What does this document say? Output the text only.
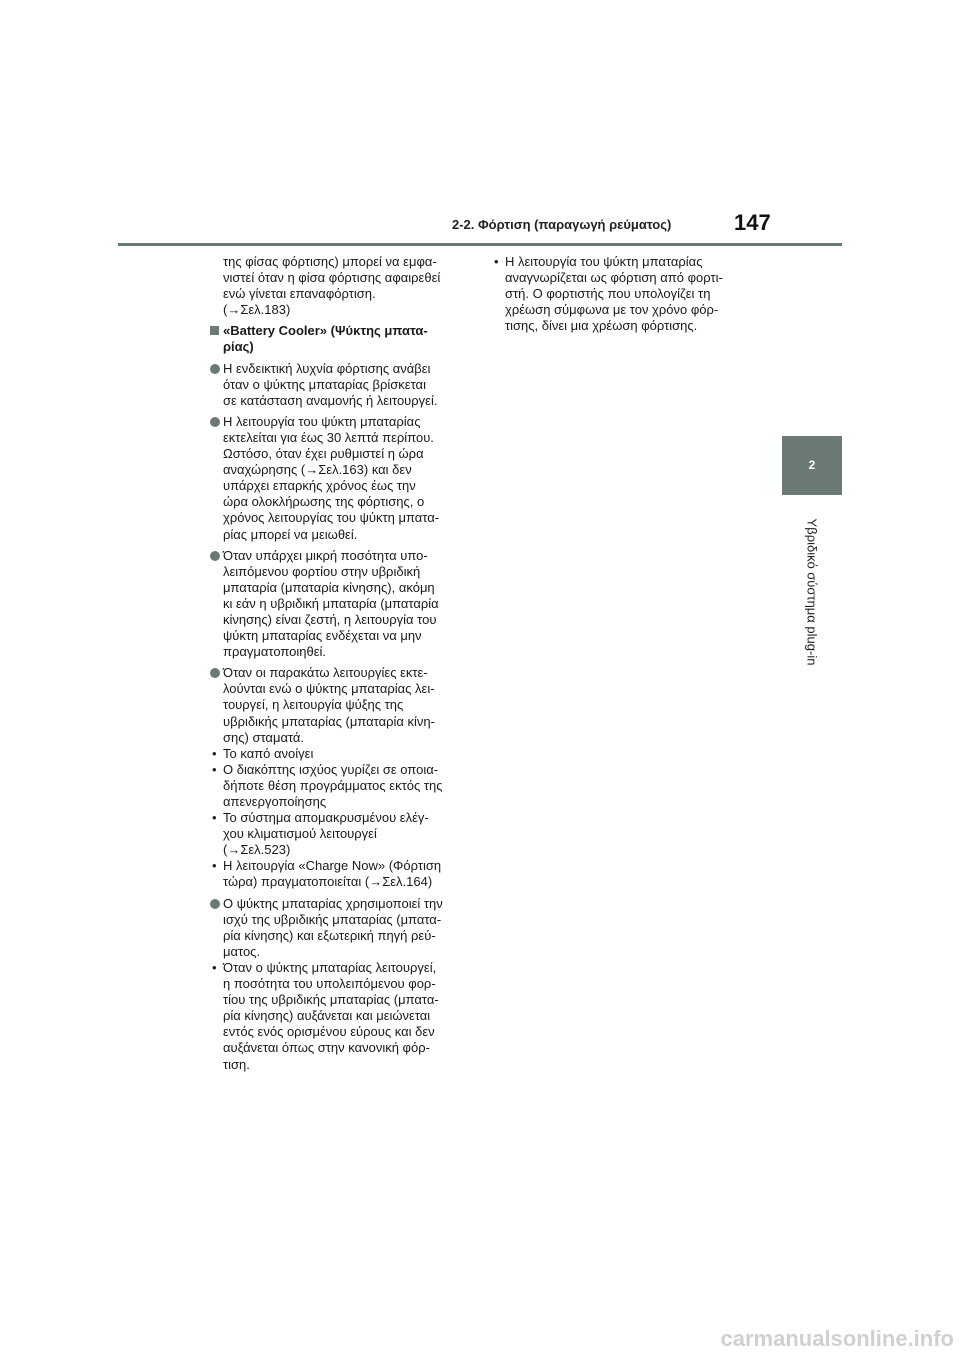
2-2. Φόρτιση (παραγωγή ρεύματος)	147
2
Υβριδικό σύστημα plug-in
της φίσας φόρτισης) μπορεί να εμφα-
νιστεί όταν η φίσα φόρτισης αφαιρεθεί
ενώ γίνεται επαναφόρτιση.
(→Σελ.183)
«Battery Cooler» (Ψύκτης μπατα-
ρίας)
Η ενδεικτική λυχνία φόρτισης ανάβει
όταν ο ψύκτης μπαταρίας βρίσκεται
σε κατάσταση αναμονής ή λειτουργεί.
Η λειτουργία του ψύκτη μπαταρίας
εκτελείται για έως 30 λεπτά περίπου.
Ωστόσο, όταν έχει ρυθμιστεί η ώρα
αναχώρησης (→Σελ.163) και δεν
υπάρχει επαρκής χρόνος έως την
ώρα ολοκλήρωσης της φόρτισης, ο
χρόνος λειτουργίας του ψύκτη μπατα-
ρίας μπορεί να μειωθεί.
Όταν υπάρχει μικρή ποσότητα υπο-
λειπόμενου φορτίου στην υβριδική
μπαταρία (μπαταρία κίνησης), ακόμη
κι εάν η υβριδική μπαταρία (μπαταρία
κίνησης) είναι ζεστή, η λειτουργία του
ψύκτη μπαταρίας ενδέχεται να μην
πραγματοποιηθεί.
Όταν οι παρακάτω λειτουργίες εκτε-
λούνται ενώ ο ψύκτης μπαταρίας λει-
τουργεί, η λειτουργία ψύξης της
υβριδικής μπαταρίας (μπαταρία κίνη-
σης) σταματά.
• Το καπό ανοίγει
• Ο διακόπτης ισχύος γυρίζει σε οποια-
δήποτε θέση προγράμματος εκτός της
απενεργοποίησης
• Το σύστημα απομακρυσμένου ελέγ-
χου κλιματισμού λειτουργεί
(→Σελ.523)
• Η λειτουργία «Charge Now» (Φόρτιση
τώρα) πραγματοποιείται (→Σελ.164)
Ο ψύκτης μπαταρίας χρησιμοποιεί την
ισχύ της υβριδικής μπαταρίας (μπατα-
ρία κίνησης) και εξωτερική πηγή ρεύ-
ματος.
• Όταν ο ψύκτης μπαταρίας λειτουργεί,
η ποσότητα του υπολειπόμενου φορ-
τίου της υβριδικής μπαταρίας (μπατα-
ρία κίνησης) αυξάνεται και μειώνεται
εντός ενός ορισμένου εύρους και δεν
αυξάνεται όπως στην κανονική φόρ-
τιση.
• Η λειτουργία του ψύκτη μπαταρίας
αναγνωρίζεται ως φόρτιση από φορτι-
στή. Ο φορτιστής που υπολογίζει τη
χρέωση σύμφωνα με τον χρόνο φόρ-
τισης, δίνει μια χρέωση φόρτισης.
carmanualsonline.info
